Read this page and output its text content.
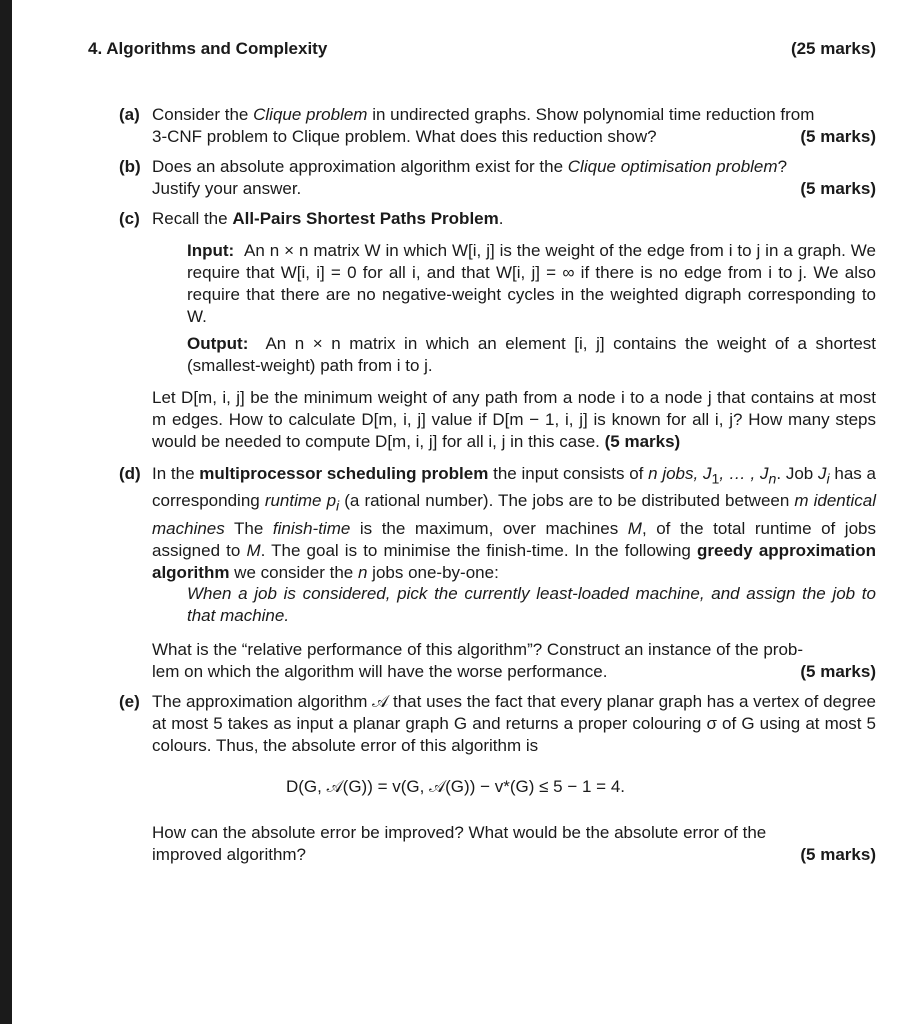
4. Algorithms and Complexity	(25 marks)
(a) Consider the Clique problem in undirected graphs. Show polynomial time reduction from
3-CNF problem to Clique problem. What does this reduction show?	(5 marks)
(b) Does an absolute approximation algorithm exist for the Clique optimisation problem?
Justify your answer.	(5 marks)
(c) Recall the All-Pairs Shortest Paths Problem.
Input: An n × n matrix W in which W[i, j] is the weight of the edge from i to j in a graph. We require that W[i, i] = 0 for all i, and that W[i, j] = ∞ if there is no edge from i to j. We also require that there are no negative-weight cycles in the weighted digraph corresponding to W.
Output: An n × n matrix in which an element [i, j] contains the weight of a shortest (smallest-weight) path from i to j.
Let D[m, i, j] be the minimum weight of any path from a node i to a node j that contains at most m edges. How to calculate D[m, i, j] value if D[m − 1, i, j] is known for all i, j? How many steps would be needed to compute D[m, i, j] for all i, j in this case. (5 marks)
(d) In the multiprocessor scheduling problem the input consists of n jobs, $J_1$, … , $J_n$. Job $J_i$ has a corresponding runtime $p_i$ (a rational number). The jobs are to be distributed between m identical machines The finish-time is the maximum, over machines M, of the total runtime of jobs assigned to M. The goal is to minimise the finish-time. In the following greedy approximation algorithm we consider the n jobs one-by-one:
When a job is considered, pick the currently least-loaded machine, and assign the job to that machine.
What is the “relative performance of this algorithm”? Construct an instance of the prob-
lem on which the algorithm will have the worse performance.	(5 marks)
(e) The approximation algorithm 𝒜 that uses the fact that every planar graph has a vertex of degree at most 5 takes as input a planar graph G and returns a proper colouring σ of G using at most 5 colours. Thus, the absolute error of this algorithm is
D(G, 𝒜(G)) = v(G, 𝒜(G)) − v*(G) ≤ 5 − 1 = 4.
How can the absolute error be improved? What would be the absolute error of the
improved algorithm?	(5 marks)
